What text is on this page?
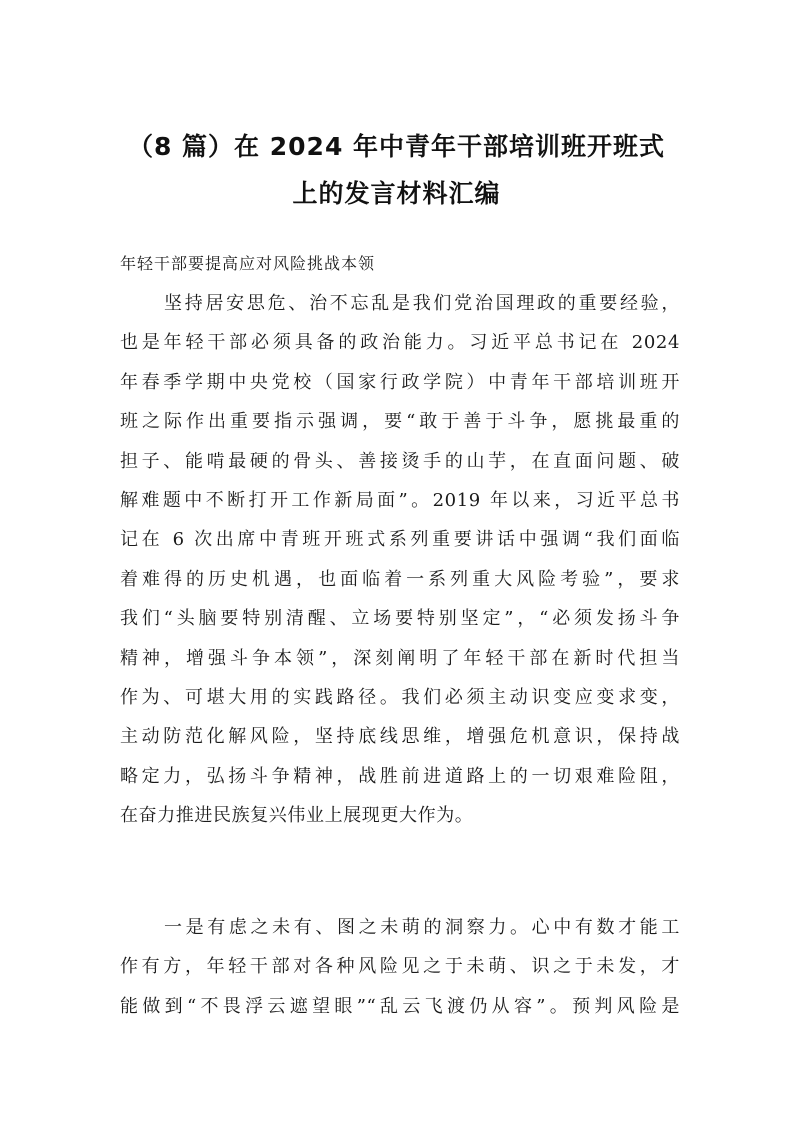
（8 篇）在 2024 年中青年干部培训班开班式
上的发言材料汇编

年轻干部要提高应对风险挑战本领

坚持居安思危、治不忘乱是我们党治国理政的重要经验，
也是年轻干部必须具备的政治能力。习近平总书记在 2024
年春季学期中央党校（国家行政学院）中青年干部培训班开
班之际作出重要指示强调，要“敢于善于斗争，愿挑最重的
担子、能啃最硬的骨头、善接烫手的山芋，在直面问题、破
解难题中不断打开工作新局面”。2019 年以来，习近平总书
记在 6 次出席中青班开班式系列重要讲话中强调“我们面临
着难得的历史机遇，也面临着一系列重大风险考验”，要求
我们“头脑要特别清醒、立场要特别坚定”，“必须发扬斗争
精神，增强斗争本领”，深刻阐明了年轻干部在新时代担当
作为、可堪大用的实践路径。我们必须主动识变应变求变，
主动防范化解风险，坚持底线思维，增强危机意识，保持战
略定力，弘扬斗争精神，战胜前进道路上的一切艰难险阻，
在奋力推进民族复兴伟业上展现更大作为。
一是有虑之未有、图之未萌的洞察力。心中有数才能工
作有方，年轻干部对各种风险见之于未萌、识之于未发，才
能做到“不畏浮云遮望眼”“乱云飞渡仍从容”。预判风险是
